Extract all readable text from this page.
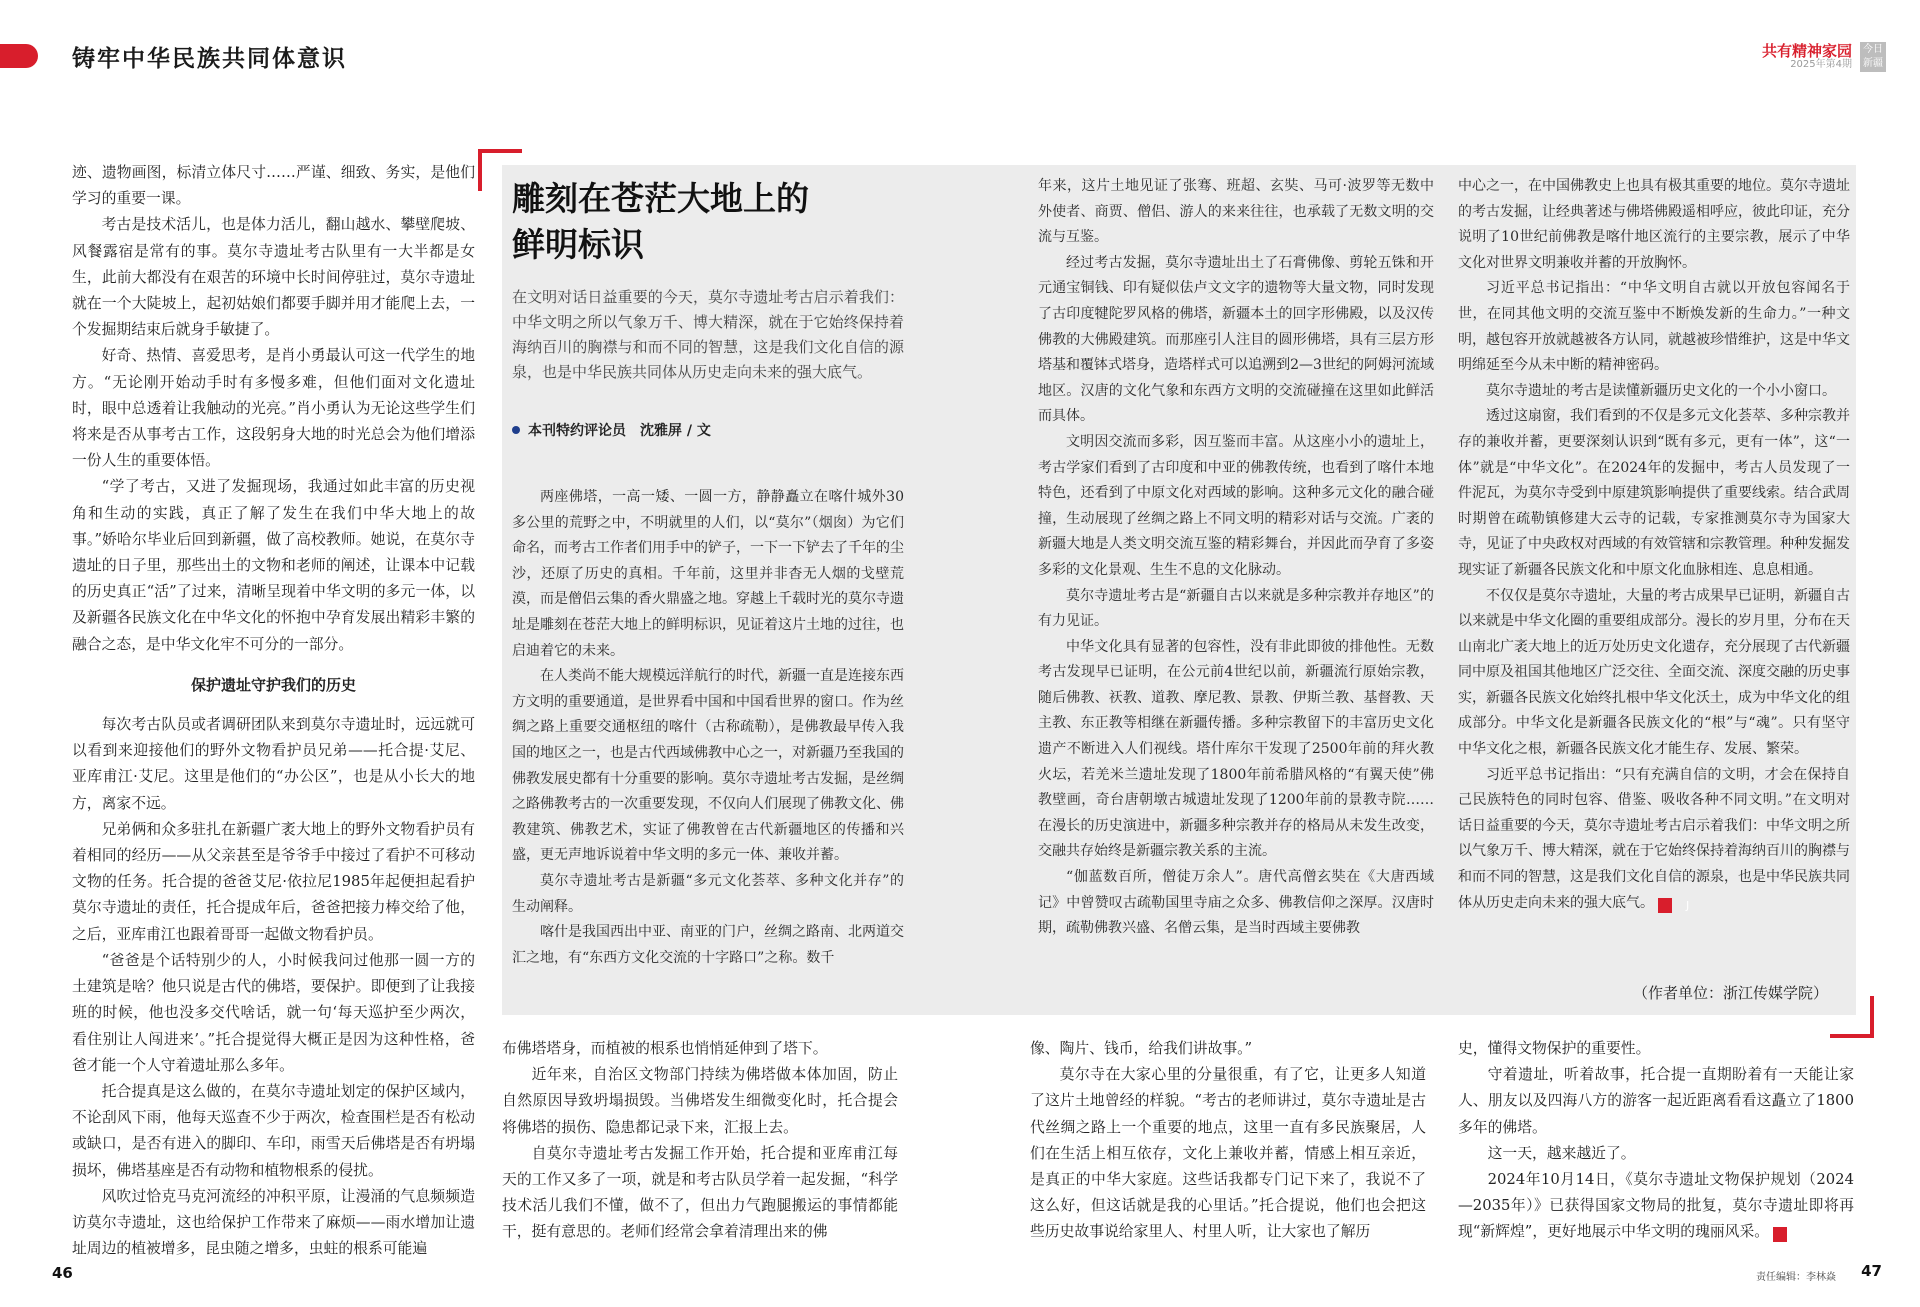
铸牢中华民族共同体意识	共有精神家园
2025年第4期
今日新疆

迹、遗物画图，标清立体尺寸……严谨、细致、务实，是他们学习的重要一课。

考古是技术活儿，也是体力活儿，翻山越水、攀壁爬坡、风餐露宿是常有的事。莫尔寺遗址考古队里有一大半都是女生，此前大都没有在艰苦的环境中长时间停驻过，莫尔寺遗址就在一个大陡坡上，起初姑娘们都要手脚并用才能爬上去，一个发掘期结束后就身手敏捷了。

好奇、热情、喜爱思考，是肖小勇最认可这一代学生的地方。“无论刚开始动手时有多慢多难，但他们面对文化遗址时，眼中总透着让我触动的光亮。”肖小勇认为无论这些学生们将来是否从事考古工作，这段躬身大地的时光总会为他们增添一份人生的重要体悟。

“学了考古，又进了发掘现场，我通过如此丰富的历史视角和生动的实践，真正了解了发生在我们中华大地上的故事。”娇哈尔毕业后回到新疆，做了高校教师。她说，在莫尔寺遗址的日子里，那些出土的文物和老师的阐述，让课本中记载的历史真正“活”了过来，清晰呈现着中华文明的多元一体，以及新疆各民族文化在中华文化的怀抱中孕育发展出精彩丰繁的融合之态，是中华文化牢不可分的一部分。

保护遗址守护我们的历史

每次考古队员或者调研团队来到莫尔寺遗址时，远远就可以看到来迎接他们的野外文物看护员兄弟——托合提·艾尼、亚库甫江·艾尼。这里是他们的“办公区”，也是从小长大的地方，离家不远。

兄弟俩和众多驻扎在新疆广袤大地上的野外文物看护员有着相同的经历——从父亲甚至是爷爷手中接过了看护不可移动文物的任务。托合提的爸爸艾尼·依拉尼1985年起便担起看护莫尔寺遗址的责任，托合提成年后，爸爸把接力棒交给了他，之后，亚库甫江也跟着哥哥一起做文物看护员。

“爸爸是个话特别少的人，小时候我问过他那一圆一方的土建筑是啥？他只说是古代的佛塔，要保护。即便到了让我接班的时候，他也没多交代啥话，就一句‘每天巡护至少两次，看住别让人闯进来’。”托合提觉得大概正是因为这种性格，爸爸才能一个人守着遗址那么多年。

托合提真是这么做的，在莫尔寺遗址划定的保护区域内，不论刮风下雨，他每天巡查不少于两次，检查围栏是否有松动或缺口，是否有进入的脚印、车印，雨雪天后佛塔是否有坍塌损坏，佛塔基座是否有动物和植物根系的侵扰。

风吹过恰克马克河流经的冲积平原，让漫涌的气息频频造访莫尔寺遗址，这也给保护工作带来了麻烦——雨水增加让遗址周边的植被增多，昆虫随之增多，虫蛀的根系可能遍

雕刻在苍茫大地上的
鲜明标识
在文明对话日益重要的今天，莫尔寺遗址考古启示着我们：中华文明之所以气象万千、博大精深，就在于它始终保持着海纳百川的胸襟与和而不同的智慧，这是我们文化自信的源泉，也是中华民族共同体从历史走向未来的强大底气。
本刊特约评论员　沈雅屏 / 文

两座佛塔，一高一矮、一圆一方，静静矗立在喀什城外30多公里的荒野之中，不明就里的人们，以“莫尔”（烟囱）为它们命名，而考古工作者们用手中的铲子，一下一下铲去了千年的尘沙，还原了历史的真相。千年前，这里并非杳无人烟的戈壁荒漠，而是僧侣云集的香火鼎盛之地。穿越上千载时光的莫尔寺遗址是雕刻在苍茫大地上的鲜明标识，见证着这片土地的过往，也启迪着它的未来。

在人类尚不能大规模远洋航行的时代，新疆一直是连接东西方文明的重要通道，是世界看中国和中国看世界的窗口。作为丝绸之路上重要交通枢纽的喀什（古称疏勒），是佛教最早传入我国的地区之一，也是古代西域佛教中心之一，对新疆乃至我国的佛教发展史都有十分重要的影响。莫尔寺遗址考古发掘，是丝绸之路佛教考古的一次重要发现，不仅向人们展现了佛教文化、佛教建筑、佛教艺术，实证了佛教曾在古代新疆地区的传播和兴盛，更无声地诉说着中华文明的多元一体、兼收并蓄。

莫尔寺遗址考古是新疆“多元文化荟萃、多种文化并存”的生动阐释。

喀什是我国西出中亚、南亚的门户，丝绸之路南、北两道交汇之地，有“东西方文化交流的十字路口”之称。数千

年来，这片土地见证了张骞、班超、玄奘、马可·波罗等无数中外使者、商贾、僧侣、游人的来来往往，也承载了无数文明的交流与互鉴。

经过考古发掘，莫尔寺遗址出土了石膏佛像、剪轮五铢和开元通宝铜钱、印有疑似佉卢文文字的遗物等大量文物，同时发现了古印度犍陀罗风格的佛塔，新疆本土的回字形佛殿，以及汉传佛教的大佛殿建筑。而那座引人注目的圆形佛塔，具有三层方形塔基和覆钵式塔身，造塔样式可以追溯到2—3世纪的阿姆河流域地区。汉唐的文化气象和东西方文明的交流碰撞在这里如此鲜活而具体。

文明因交流而多彩，因互鉴而丰富。从这座小小的遗址上，考古学家们看到了古印度和中亚的佛教传统，也看到了喀什本地特色，还看到了中原文化对西域的影响。这种多元文化的融合碰撞，生动展现了丝绸之路上不同文明的精彩对话与交流。广袤的新疆大地是人类文明交流互鉴的精彩舞台，并因此而孕育了多姿多彩的文化景观、生生不息的文化脉动。

莫尔寺遗址考古是“新疆自古以来就是多种宗教并存地区”的有力见证。

中华文化具有显著的包容性，没有非此即彼的排他性。无数考古发现早已证明，在公元前4世纪以前，新疆流行原始宗教，随后佛教、祆教、道教、摩尼教、景教、伊斯兰教、基督教、天主教、东正教等相继在新疆传播。多种宗教留下的丰富历史文化遗产不断进入人们视线。塔什库尔干发现了2500年前的拜火教火坛，若羌米兰遗址发现了1800年前希腊风格的“有翼天使”佛教壁画，奇台唐朝墩古城遗址发现了1200年前的景教寺院……在漫长的历史演进中，新疆多种宗教并存的格局从未发生改变，交融共存始终是新疆宗教关系的主流。

“伽蓝数百所，僧徒万余人”。唐代高僧玄奘在《大唐西域记》中曾赞叹古疏勒国里寺庙之众多、佛教信仰之深厚。汉唐时期，疏勒佛教兴盛、名僧云集，是当时西域主要佛教

中心之一，在中国佛教史上也具有极其重要的地位。莫尔寺遗址的考古发掘，让经典著述与佛塔佛殿遥相呼应，彼此印证，充分说明了10世纪前佛教是喀什地区流行的主要宗教，展示了中华文化对世界文明兼收并蓄的开放胸怀。

习近平总书记指出：“中华文明自古就以开放包容闻名于世，在同其他文明的交流互鉴中不断焕发新的生命力。”一种文明，越包容开放就越被各方认同，就越被珍惜维护，这是中华文明绵延至今从未中断的精神密码。

莫尔寺遗址的考古是读懂新疆历史文化的一个小小窗口。

透过这扇窗，我们看到的不仅是多元文化荟萃、多种宗教并存的兼收并蓄，更要深刻认识到“既有多元，更有一体”，这“一体”就是“中华文化”。在2024年的发掘中，考古人员发现了一件泥瓦，为莫尔寺受到中原建筑影响提供了重要线索。结合武周时期曾在疏勒镇修建大云寺的记载，专家推测莫尔寺为国家大寺，见证了中央政权对西域的有效管辖和宗教管理。种种发掘发现实证了新疆各民族文化和中原文化血脉相连、息息相通。

不仅仅是莫尔寺遗址，大量的考古成果早已证明，新疆自古以来就是中华文化圈的重要组成部分。漫长的岁月里，分布在天山南北广袤大地上的近万处历史文化遗存，充分展现了古代新疆同中原及祖国其他地区广泛交往、全面交流、深度交融的历史事实，新疆各民族文化始终扎根中华文化沃土，成为中华文化的组成部分。中华文化是新疆各民族文化的“根”与“魂”。只有坚守中华文化之根，新疆各民族文化才能生存、发展、繁荣。

习近平总书记指出：“只有充满自信的文明，才会在保持自己民族特色的同时包容、借鉴、吸收各种不同文明。”在文明对话日益重要的今天，莫尔寺遗址考古启示着我们：中华文明之所以气象万千、博大精深，就在于它始终保持着海纳百川的胸襟与和而不同的智慧，这是我们文化自信的源泉，也是中华民族共同体从历史走向未来的强大底气。	J

（作者单位：浙江传媒学院）

布佛塔塔身，而植被的根系也悄悄延伸到了塔下。

近年来，自治区文物部门持续为佛塔做本体加固，防止自然原因导致坍塌损毁。当佛塔发生细微变化时，托合提会将佛塔的损伤、隐患都记录下来，汇报上去。

自莫尔寺遗址考古发掘工作开始，托合提和亚库甫江每天的工作又多了一项，就是和考古队员学着一起发掘，“科学技术活儿我们不懂，做不了，但出力气跑腿搬运的事情都能干，挺有意思的。老师们经常会拿着清理出来的佛

像、陶片、钱币，给我们讲故事。”

莫尔寺在大家心里的分量很重，有了它，让更多人知道了这片土地曾经的样貌。“考古的老师讲过，莫尔寺遗址是古代丝绸之路上一个重要的地点，这里一直有多民族聚居，人们在生活上相互依存，文化上兼收并蓄，情感上相互亲近，是真正的中华大家庭。这些话我都专门记下来了，我说不了这么好，但这话就是我的心里话。”托合提说，他们也会把这些历史故事说给家里人、村里人听，让大家也了解历

史，懂得文物保护的重要性。

守着遗址，听着故事，托合提一直期盼着有一天能让家人、朋友以及四海八方的游客一起近距离看看这矗立了1800多年的佛塔。

这一天，越来越近了。

2024年10月14日，《莫尔寺遗址文物保护规划（2024—2035年）》已获得国家文物局的批复，莫尔寺遗址即将再现“新辉煌”，更好地展示中华文明的瑰丽风采。	J

46	责任编辑：李林焱 47
